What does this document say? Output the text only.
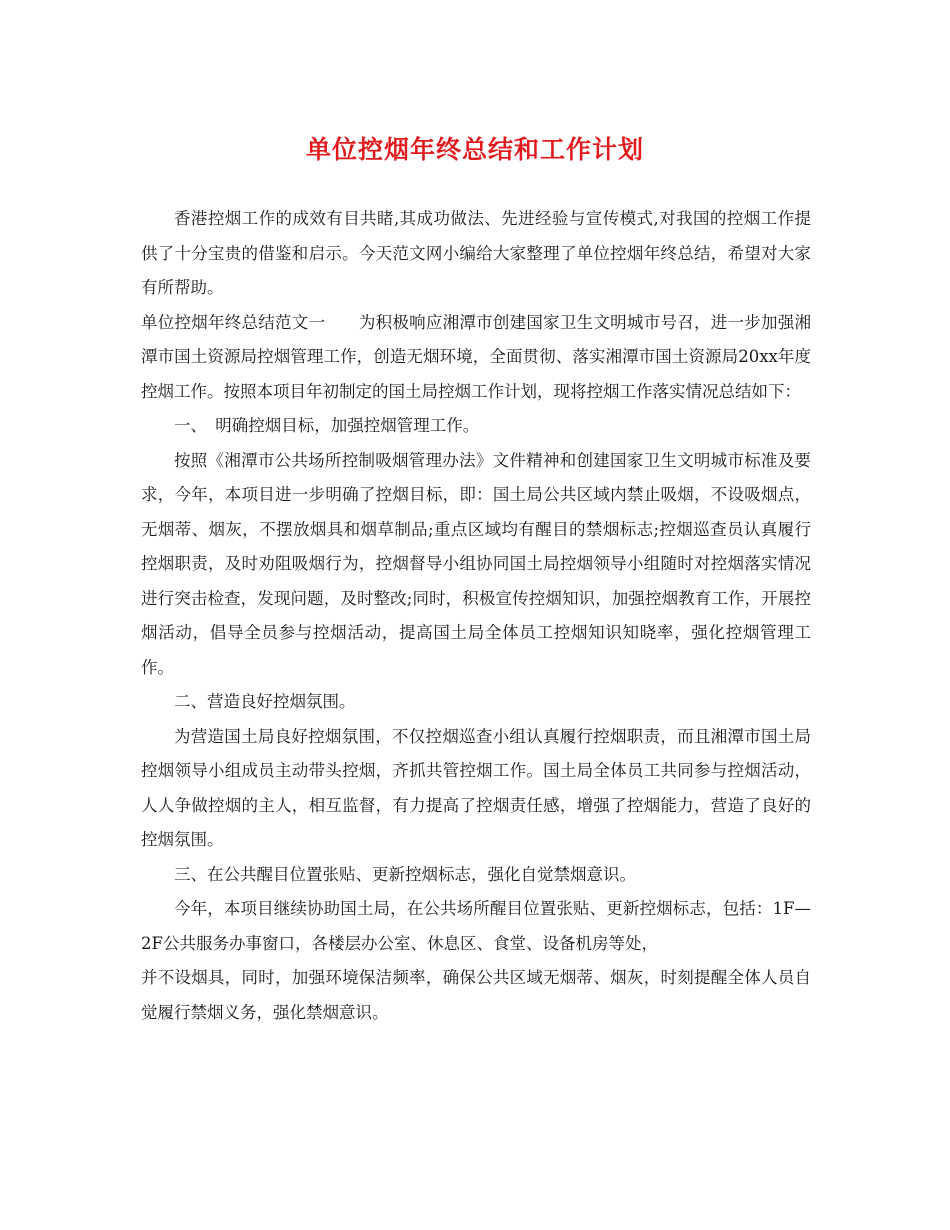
单位控烟年终总结和工作计划

香港控烟工作的成效有目共睹,其成功做法、先进经验与宣传模式,对我国的控烟工作提供了十分宝贵的借鉴和启示。今天范文网小编给大家整理了单位控烟年终总结，希望对大家有所帮助。

单位控烟年终总结范文一　　为积极响应湘潭市创建国家卫生文明城市号召，进一步加强湘潭市国土资源局控烟管理工作，创造无烟环境，全面贯彻、落实湘潭市国土资源局20xx年度控烟工作。按照本项目年初制定的国土局控烟工作计划，现将控烟工作落实情况总结如下：

一、　明确控烟目标，加强控烟管理工作。

按照《湘潭市公共场所控制吸烟管理办法》文件精神和创建国家卫生文明城市标准及要求，今年，本项目进一步明确了控烟目标，即：国土局公共区域内禁止吸烟，不设吸烟点，无烟蒂、烟灰，不摆放烟具和烟草制品;重点区域均有醒目的禁烟标志;控烟巡查员认真履行控烟职责，及时劝阻吸烟行为，控烟督导小组协同国土局控烟领导小组随时对控烟落实情况进行突击检查，发现问题，及时整改;同时，积极宣传控烟知识，加强控烟教育工作，开展控烟活动，倡导全员参与控烟活动，提高国土局全体员工控烟知识知晓率，强化控烟管理工作。

二、营造良好控烟氛围。

为营造国土局良好控烟氛围，不仅控烟巡查小组认真履行控烟职责，而且湘潭市国土局控烟领导小组成员主动带头控烟，齐抓共管控烟工作。国土局全体员工共同参与控烟活动，人人争做控烟的主人，相互监督，有力提高了控烟责任感，增强了控烟能力，营造了良好的控烟氛围。

三、在公共醒目位置张贴、更新控烟标志，强化自觉禁烟意识。

今年，本项目继续协助国土局，在公共场所醒目位置张贴、更新控烟标志，包括：1F—2F公共服务办事窗口，各楼层办公室、休息区、食堂、设备机房等处，

并不设烟具，同时，加强环境保洁频率，确保公共区域无烟蒂、烟灰，时刻提醒全体人员自觉履行禁烟义务，强化禁烟意识。
